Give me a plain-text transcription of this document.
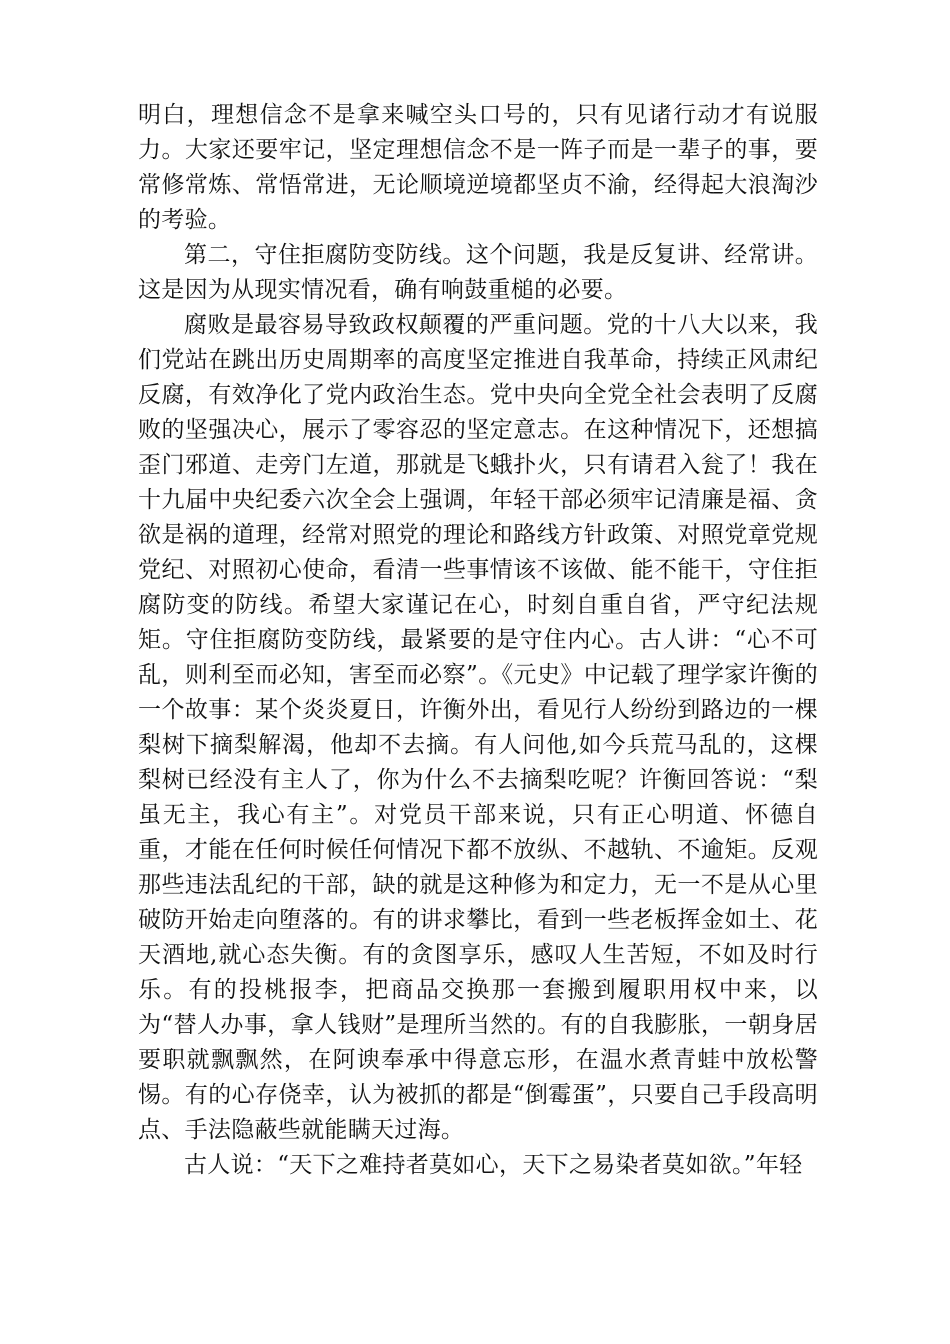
明白，理想信念不是拿来喊空头口号的，只有见诸行动才有说服力。大家还要牢记，坚定理想信念不是一阵子而是一辈子的事，要常修常炼、常悟常进，无论顺境逆境都坚贞不渝，经得起大浪淘沙的考验。

第二，守住拒腐防变防线。这个问题，我是反复讲、经常讲。这是因为从现实情况看，确有响鼓重槌的必要。

腐败是最容易导致政权颠覆的严重问题。党的十八大以来，我们党站在跳出历史周期率的高度坚定推进自我革命，持续正风肃纪反腐，有效净化了党内政治生态。党中央向全党全社会表明了反腐败的坚强决心，展示了零容忍的坚定意志。在这种情况下，还想搞歪门邪道、走旁门左道，那就是飞蛾扑火，只有请君入瓮了！我在十九届中央纪委六次全会上强调，年轻干部必须牢记清廉是福、贪欲是祸的道理，经常对照党的理论和路线方针政策、对照党章党规党纪、对照初心使命，看清一些事情该不该做、能不能干，守住拒腐防变的防线。希望大家谨记在心，时刻自重自省，严守纪法规矩。守住拒腐防变防线，最紧要的是守住内心。古人讲：“心不可乱，则利至而必知，害至而必察”。《元史》中记载了理学家许衡的一个故事：某个炎炎夏日，许衡外出，看见行人纷纷到路边的一棵梨树下摘梨解渴，他却不去摘。有人问他,如今兵荒马乱的，这棵梨树已经没有主人了，你为什么不去摘梨吃呢？许衡回答说：“梨虽无主，我心有主”。对党员干部来说，只有正心明道、怀德自重，才能在任何时候任何情况下都不放纵、不越轨、不逾矩。反观那些违法乱纪的干部，缺的就是这种修为和定力，无一不是从心里破防开始走向堕落的。有的讲求攀比，看到一些老板挥金如土、花天酒地,就心态失衡。有的贪图享乐，感叹人生苦短，不如及时行乐。有的投桃报李，把商品交换那一套搬到履职用权中来，以为“替人办事，拿人钱财”是理所当然的。有的自我膨胀，一朝身居要职就飘飘然，在阿谀奉承中得意忘形，在温水煮青蛙中放松警惕。有的心存侥幸，认为被抓的都是“倒霉蛋”，只要自己手段高明点、手法隐蔽些就能瞒天过海。

古人说：“天下之难持者莫如心，天下之易染者莫如欲。”年轻
